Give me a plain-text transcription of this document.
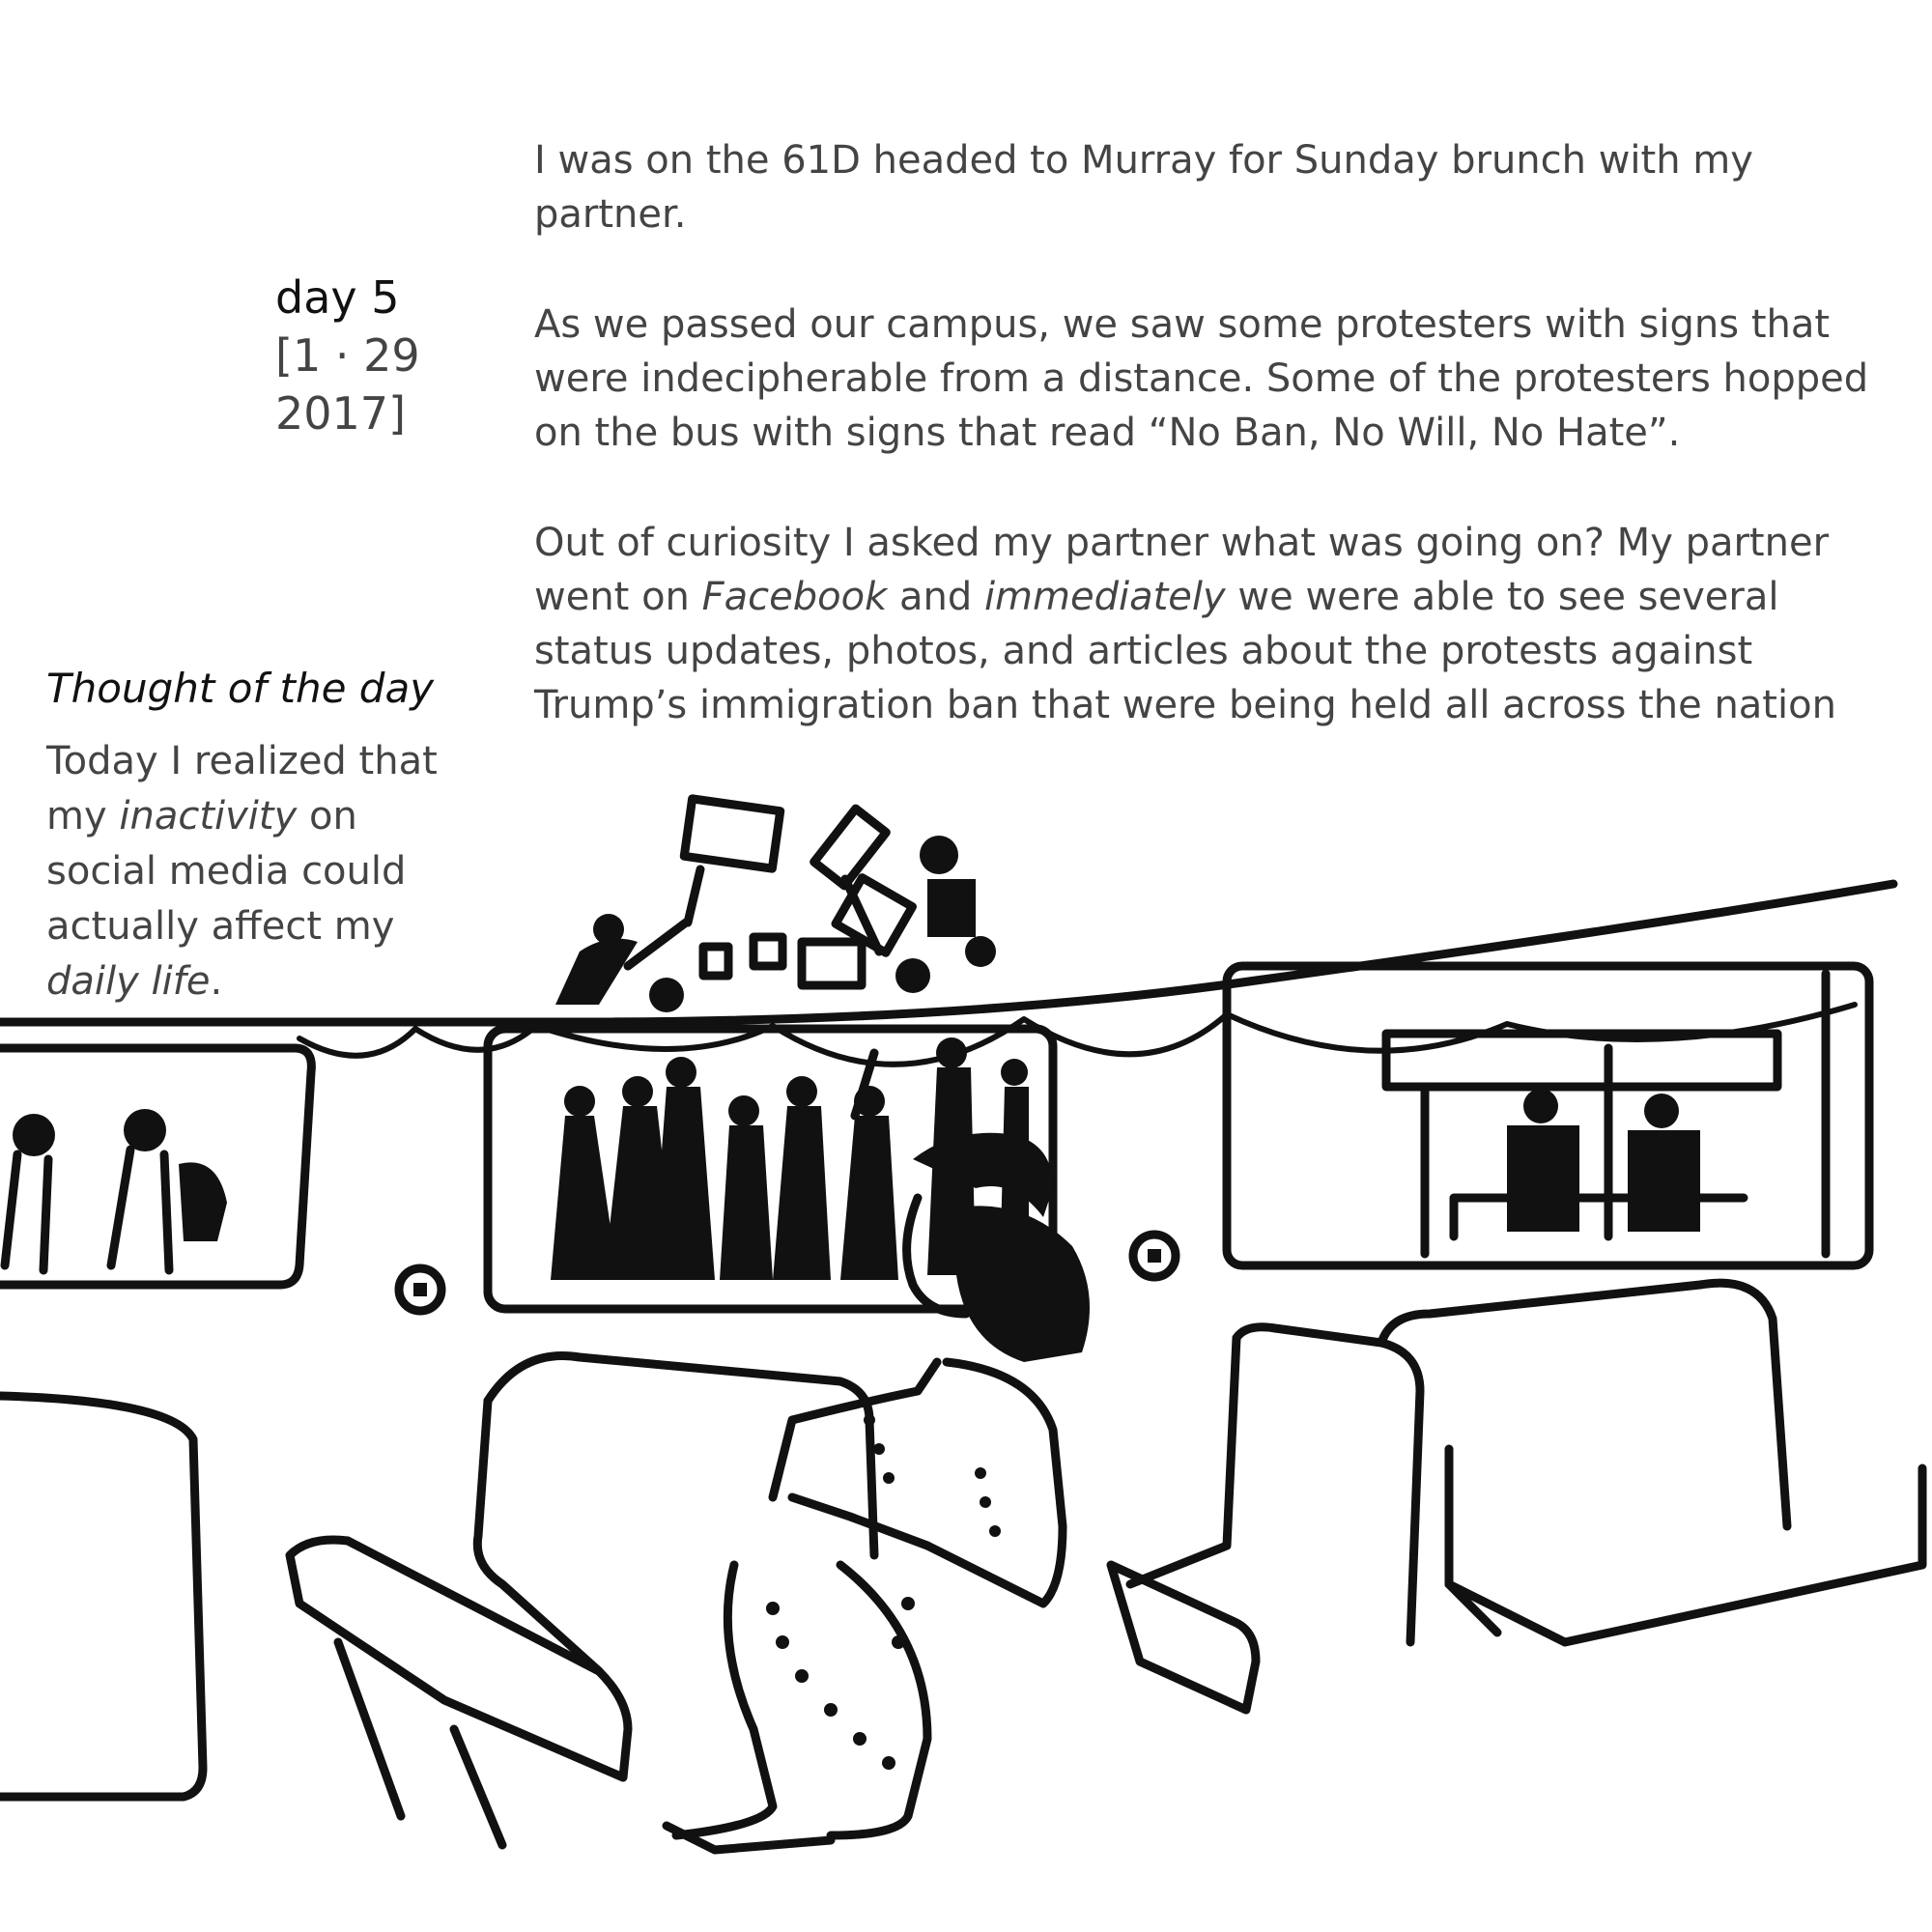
day 5
[1 · 29
2017]

I was on the 61D headed to Murray for Sunday brunch with my partner.

As we passed our campus, we saw some protesters with signs that were indecipherable from a distance. Some of the protesters hopped on the bus with signs that read “No Ban, No Will, No Hate”.

Out of curiosity I asked my partner what was going on? My partner went on Facebook and immediately we were able to see several status updates, photos, and articles about the protests against Trump’s immigration ban that were being held all across the nation

Thought of the day
Today I realized that my inactivity on social media could actually affect my daily life.
